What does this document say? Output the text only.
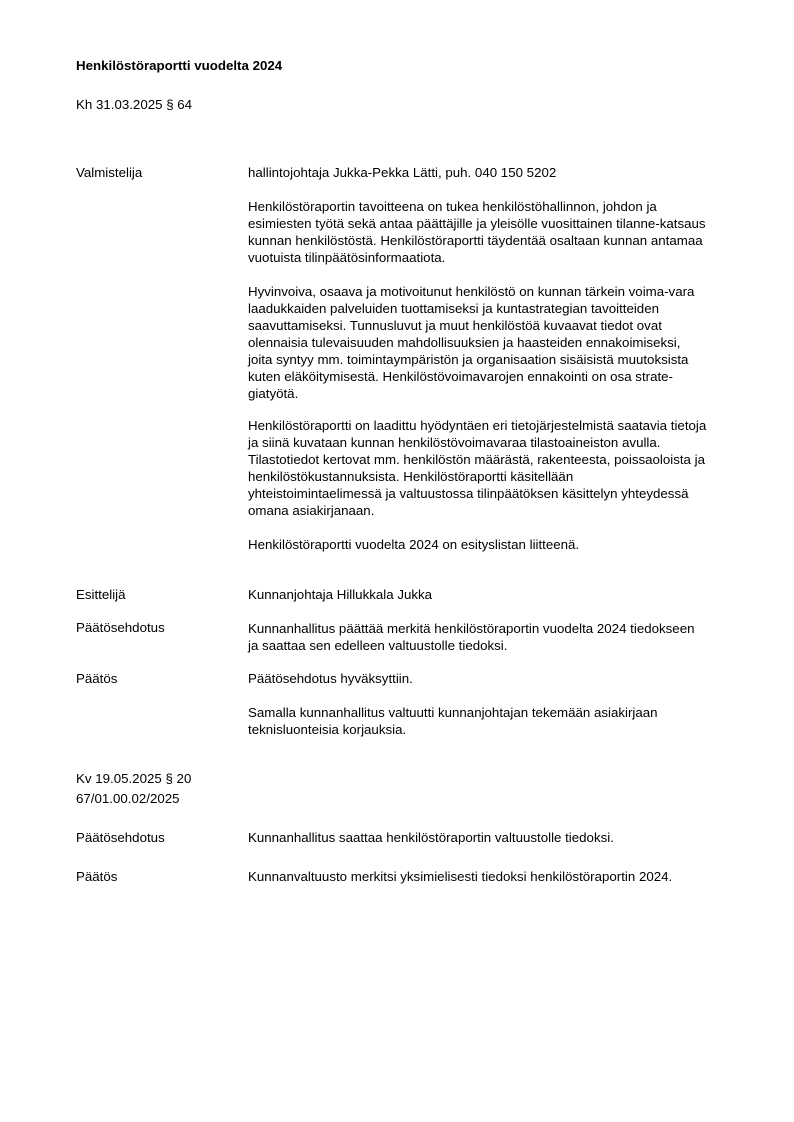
Henkilöstöraportti vuodelta 2024

Kh 31.03.2025 § 64

Valmistelija	hallintojohtaja Jukka-Pekka Lätti, puh. 040 150 5202

Henkilöstöraportin tavoitteena on tukea henkilöstöhallinnon, johdon ja
esimiesten työtä sekä antaa päättäjille ja yleisölle vuosittainen tilanne-katsaus
kunnan henkilöstöstä. Henkilöstöraportti täydentää osaltaan kunnan antamaa
vuotuista tilinpäätösinformaatiota.
Hyvinvoiva, osaava ja motivoitunut henkilöstö on kunnan tärkein voima-vara
laadukkaiden palveluiden tuottamiseksi ja kuntastrategian tavoitteiden
saavuttamiseksi. Tunnusluvut ja muut henkilöstöä kuvaavat tiedot ovat
olennaisia tulevaisuuden mahdollisuuksien ja haasteiden ennakoimiseksi,
joita syntyy mm. toimintaympäristön ja organisaation sisäisistä muutoksista
kuten eläköitymisestä. Henkilöstövoimavarojen ennakointi on osa strate-
giatyötä.
Henkilöstöraportti on laadittu hyödyntäen eri tietojärjestelmistä saatavia tietoja
ja siinä kuvataan kunnan henkilöstövoimavaraa tilastoaineiston avulla.
Tilastotiedot kertovat mm. henkilöstön määrästä, rakenteesta, poissaoloista ja
henkilöstökustannuksista. Henkilöstöraportti käsitellään
yhteistoimintaelimessä ja valtuustossa tilinpäätöksen käsittelyn yhteydessä
omana asiakirjanaan.
Henkilöstöraportti vuodelta 2024 on esityslistan liitteenä.

Esittelijä	Kunnanjohtaja Hillukkala Jukka

Päätösehdotus	Kunnanhallitus päättää merkitä henkilöstöraportin vuodelta 2024 tiedokseen
ja saattaa sen edelleen valtuustolle tiedoksi.

Päätös	Päätösehdotus hyväksyttiin.

Samalla kunnanhallitus valtuutti kunnanjohtajan tekemään asiakirjaan
teknisluonteisia korjauksia.

Kv 19.05.2025 § 20

67/01.00.02/2025

Päätösehdotus	Kunnanhallitus saattaa henkilöstöraportin valtuustolle tiedoksi.

Päätös	Kunnanvaltuusto merkitsi yksimielisesti tiedoksi henkilöstöraportin 2024.
